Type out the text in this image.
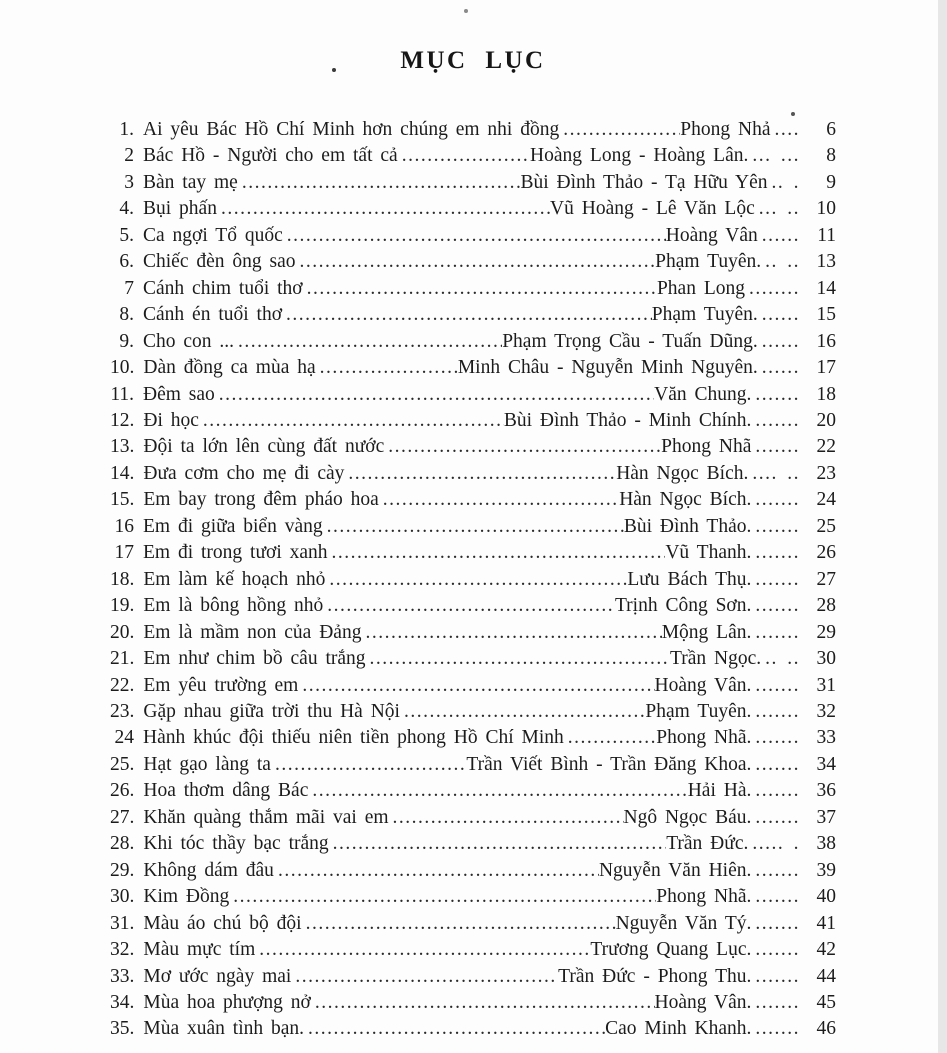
MỤC LỤC
1. Ai yêu Bác Hồ Chí Minh hơn chúng em nhi đồng .....	Phong Nhả ....	6
2 Bác Hồ - Người cho em tất cả .....	Hoàng Long - Hoàng Lân. ... ...	8
3 Bàn tay mẹ .....	Bùi Đình Thảo - Tạ Hữu Yên .. .	9
4. Bụi phấn .....	Vũ Hoàng - Lê Văn Lộc ... .. 10
5. Ca ngợi Tổ quốc .....	Hoàng Vân ...... 11
6. Chiếc đèn ông sao .....	Phạm Tuyên. .. .. 13
7 Cánh chim tuổi thơ .....	Phan Long ........ 14
8. Cánh én tuổi thơ .....	Phạm Tuyên. ...... 15
9. Cho con ... .....	Phạm Trọng Cầu - Tuấn Dũng. ...... 16
10. Dàn đồng ca mùa hạ .....	Minh Châu - Nguyễn Minh Nguyên. ...... 17
11. Đêm sao .....	Văn Chung. ....... 18
12. Đi học .....	Bùi Đình Thảo - Minh Chính. ....... 20
13. Đội ta lớn lên cùng đất nước .....	Phong Nhã ....... 22
14. Đưa cơm cho mẹ đi cày .....	Hàn Ngọc Bích. .... .. 23
15. Em bay trong đêm pháo hoa .....	Hàn Ngọc Bích. ....... 24
16 Em đi giữa biển vàng .....	Bùi Đình Thảo. ....... 25
17 Em đi trong tươi xanh .....	Vũ Thanh. ....... 26
18. Em làm kế hoạch nhỏ .....	Lưu Bách Thụ. ....... 27
19. Em là bông hồng nhỏ .....	Trịnh Công Sơn. ....... 28
20. Em là mầm non của Đảng .....	Mộng Lân. ....... 29
21. Em như chim bồ câu trắng .....	Trần Ngọc. .. .. 30
22. Em yêu trường em .....	Hoàng Vân. ....... 31
23. Gặp nhau giữa trời thu Hà Nội .....	Phạm Tuyên. ....... 32
24 Hành khúc đội thiếu niên tiền phong Hồ Chí Minh .....	Phong Nhã. ....... 33
25. Hạt gạo làng ta .....	Trần Viết Bình - Trần Đăng Khoa. ....... 34
26. Hoa thơm dâng Bác .....	Hải Hà. ....... 36
27. Khăn quàng thắm mãi vai em .....	Ngô Ngọc Báu. ....... 37
28. Khi tóc thầy bạc trắng .....	Trần Đức. ..... . 38
29. Không dám đâu .....	Nguyễn Văn Hiên. ....... 39
30. Kim Đồng .....	Phong Nhã. ....... 40
31. Màu áo chú bộ đội .....	Nguyễn Văn Tý. ....... 41
32. Màu mực tím .....	Trương Quang Lục. ....... 42
33. Mơ ước ngày mai .....	Trần Đức - Phong Thu. ....... 44
34. Mùa hoa phượng nở .....	Hoàng Vân. ....... 45
35. Mùa xuân tình bạn. .....	Cao Minh Khanh. ....... 46
